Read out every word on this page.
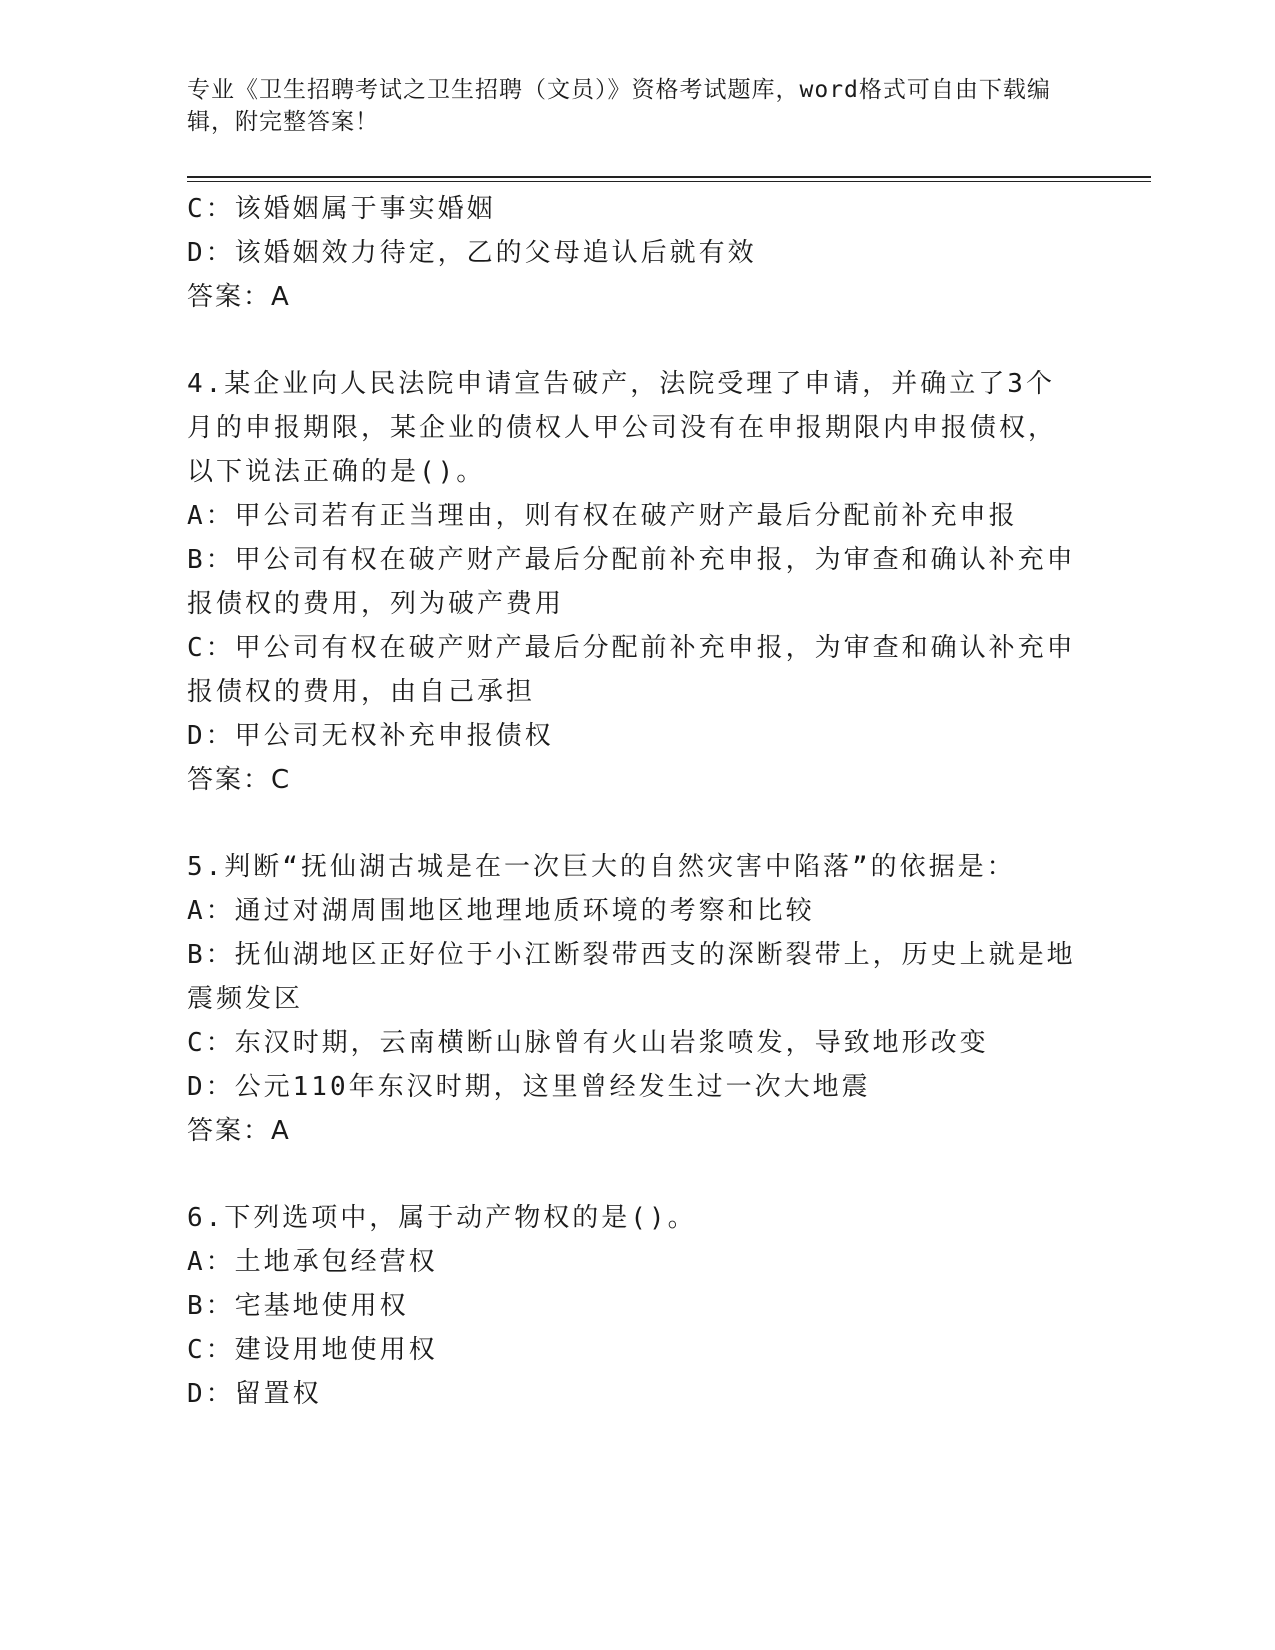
专业《卫生招聘考试之卫生招聘（文员）》资格考试题库，word格式可自由下载编辑，附完整答案！
C：该婚姻属于事实婚姻
D：该婚姻效力待定，乙的父母追认后就有效
答案：A
4.某企业向人民法院申请宣告破产，法院受理了申请，并确立了3个
月的申报期限，某企业的债权人甲公司没有在申报期限内申报债权，
以下说法正确的是()。
A：甲公司若有正当理由，则有权在破产财产最后分配前补充申报
B：甲公司有权在破产财产最后分配前补充申报，为审查和确认补充申
报债权的费用，列为破产费用
C：甲公司有权在破产财产最后分配前补充申报，为审查和确认补充申
报债权的费用，由自己承担
D：甲公司无权补充申报债权
答案：C
5.判断“抚仙湖古城是在一次巨大的自然灾害中陷落”的依据是：
A：通过对湖周围地区地理地质环境的考察和比较
B：抚仙湖地区正好位于小江断裂带西支的深断裂带上，历史上就是地
震频发区
C：东汉时期，云南横断山脉曾有火山岩浆喷发，导致地形改变
D：公元110年东汉时期，这里曾经发生过一次大地震
答案：A
6.下列选项中，属于动产物权的是()。
A：土地承包经营权
B：宅基地使用权
C：建设用地使用权
D：留置权
